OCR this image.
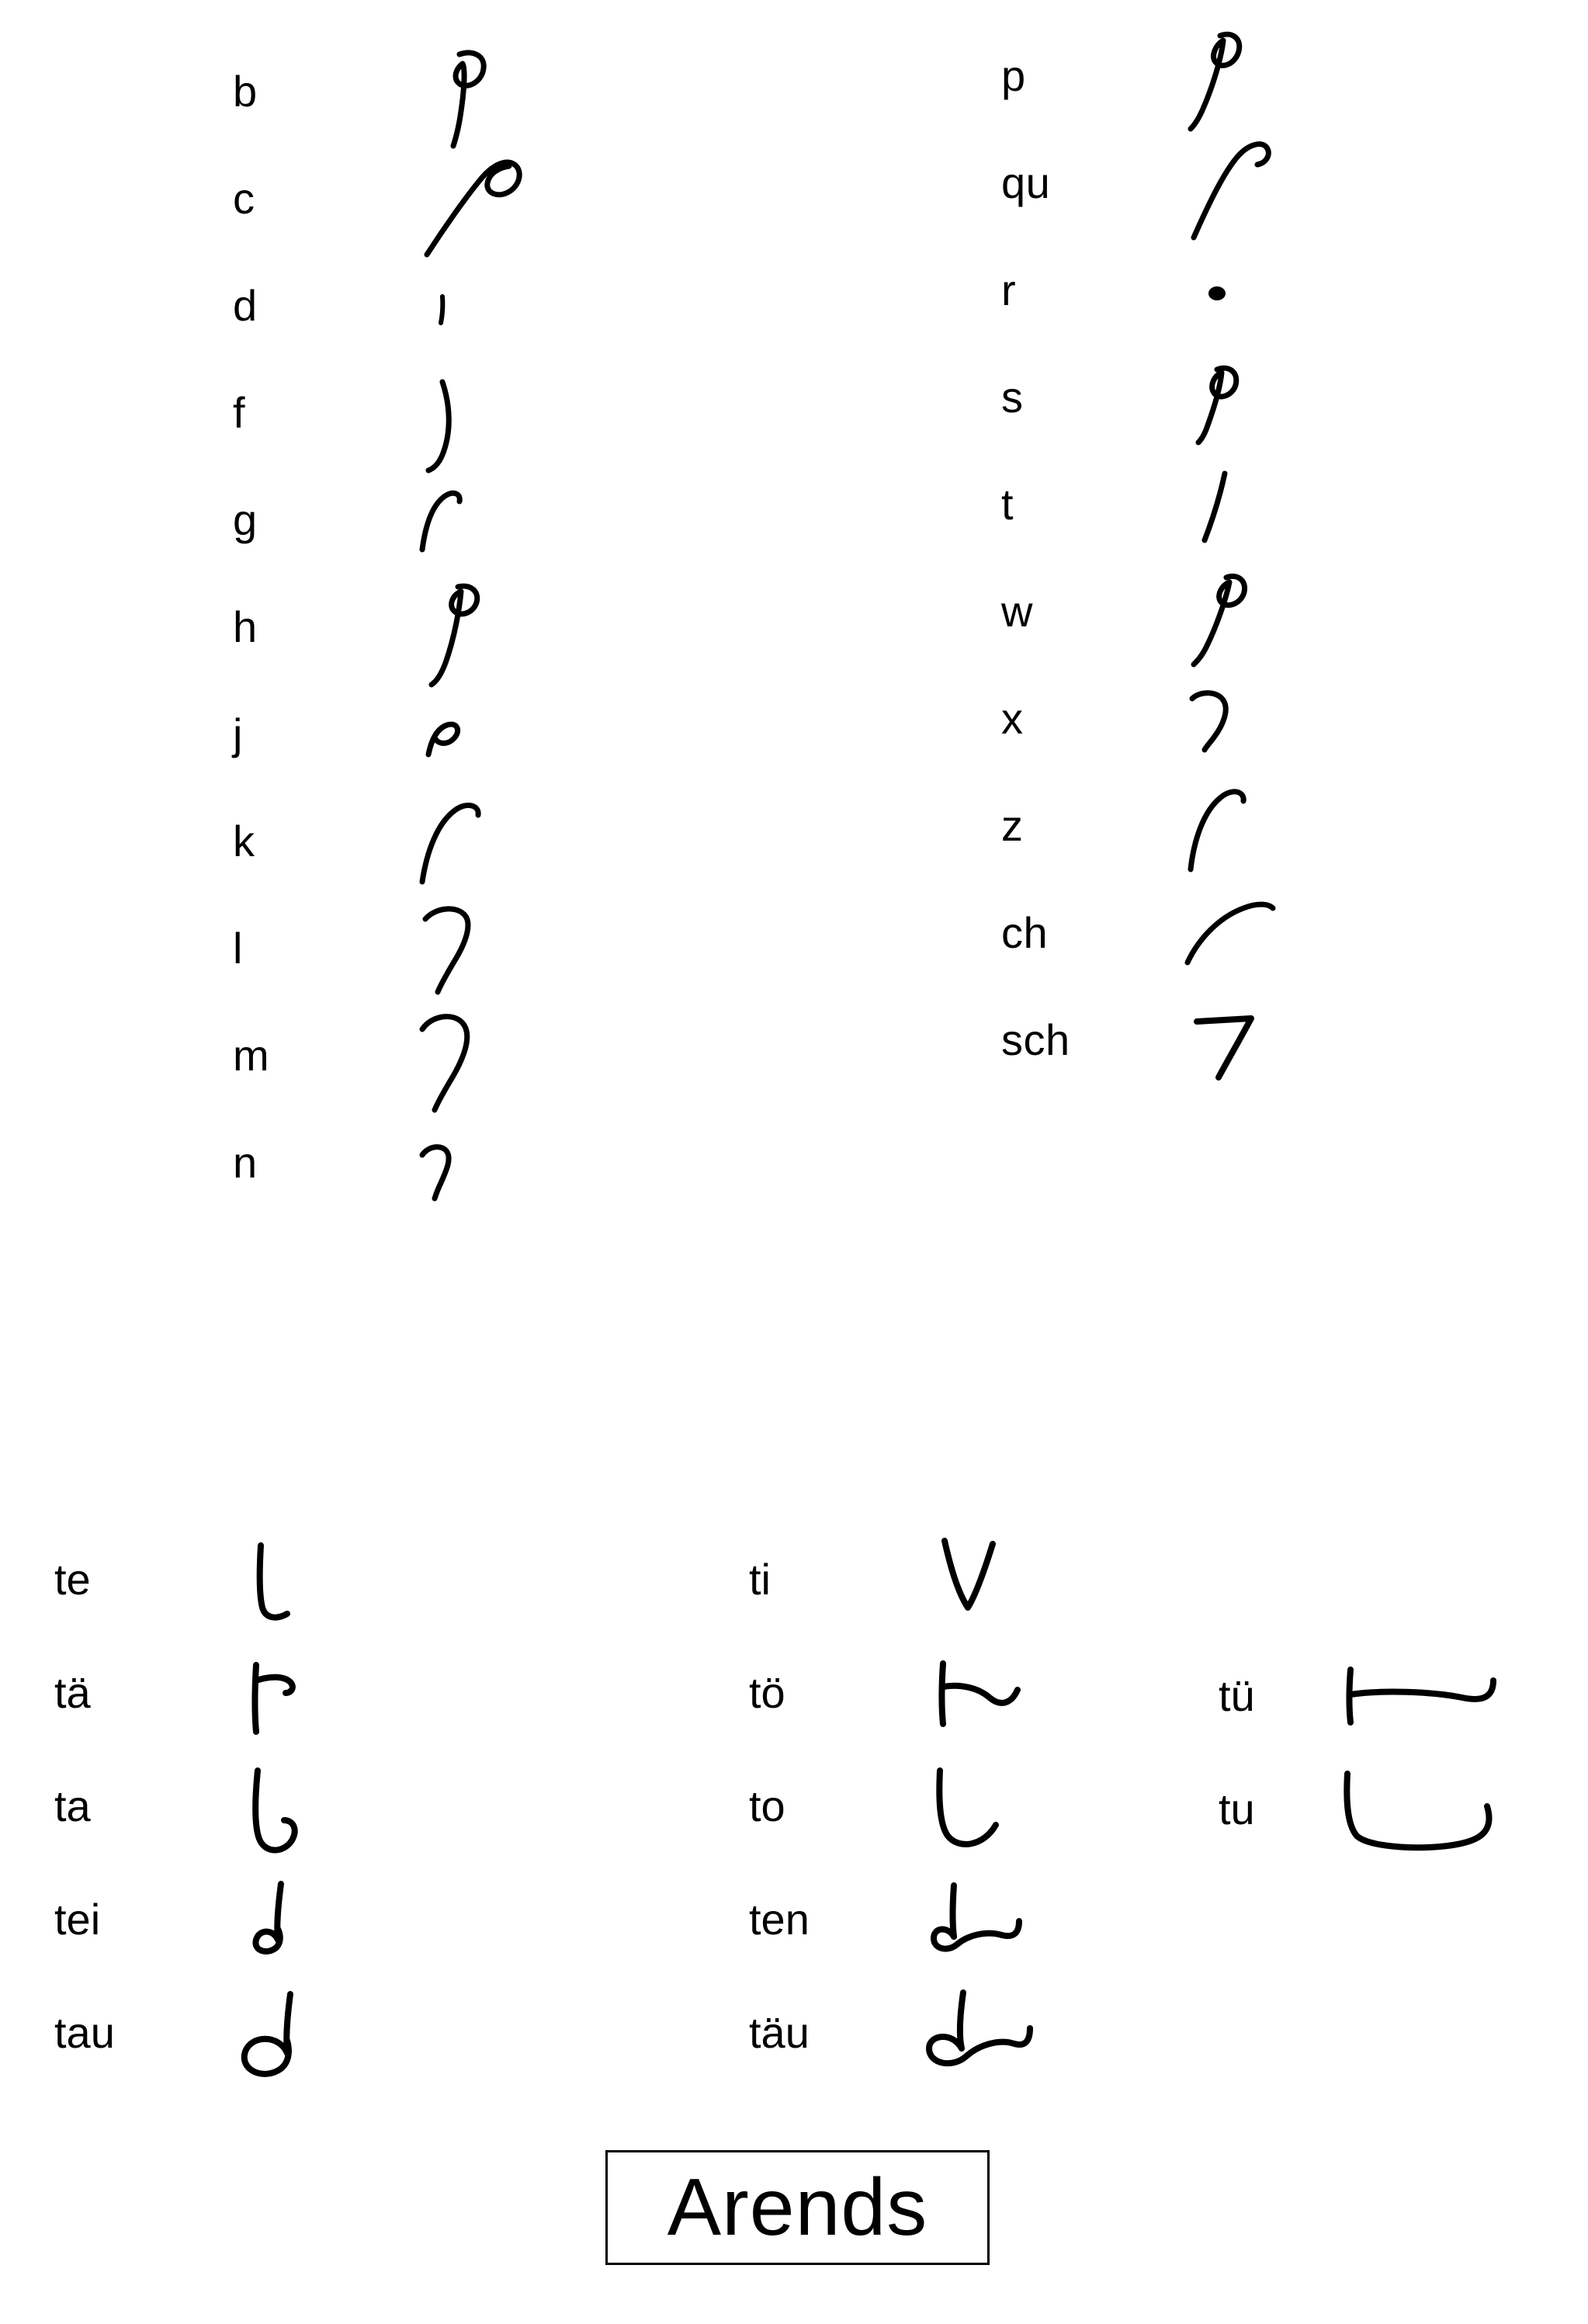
b
c
d
f
g
h
j
k
l
m
n
p
qu
r
s
t
w
x
z
ch
sch
te
tä
ta
tei
tau
ti
tö
to
ten
täu
tü
tu
Arends
